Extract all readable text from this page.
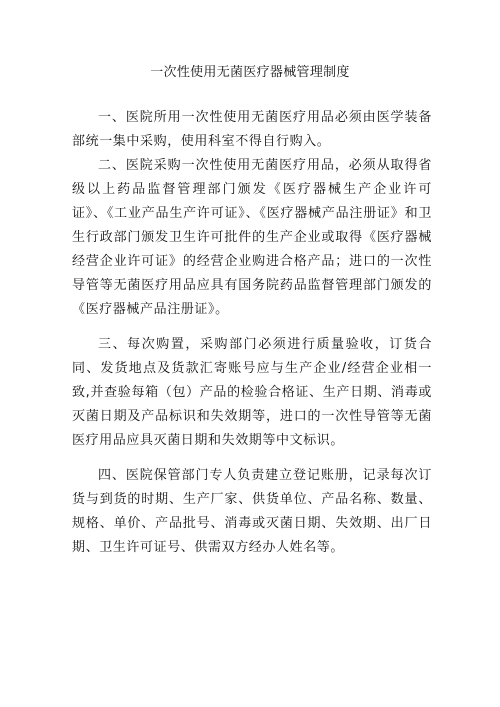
一次性使用无菌医疗器械管理制度

一、医院所用一次性使用无菌医疗用品必须由医学装备部统一集中采购，使用科室不得自行购入。

二、医院采购一次性使用无菌医疗用品，必须从取得省级以上药品监督管理部门颁发《医疗器械生产企业许可证》、《工业产品生产许可证》、《医疗器械产品注册证》和卫生行政部门颁发卫生许可批件的生产企业或取得《医疗器械经营企业许可证》的经营企业购进合格产品；进口的一次性导管等无菌医疗用品应具有国务院药品监督管理部门颁发的《医疗器械产品注册证》。

三、每次购置，采购部门必须进行质量验收，订货合同、发货地点及货款汇寄账号应与生产企业/经营企业相一致,并查验每箱（包）产品的检验合格证、生产日期、消毒或灭菌日期及产品标识和失效期等，进口的一次性导管等无菌医疗用品应具灭菌日期和失效期等中文标识。

四、医院保管部门专人负责建立登记账册，记录每次订货与到货的时期、生产厂家、供货单位、产品名称、数量、规格、单价、产品批号、消毒或灭菌日期、失效期、出厂日期、卫生许可证号、供需双方经办人姓名等。
